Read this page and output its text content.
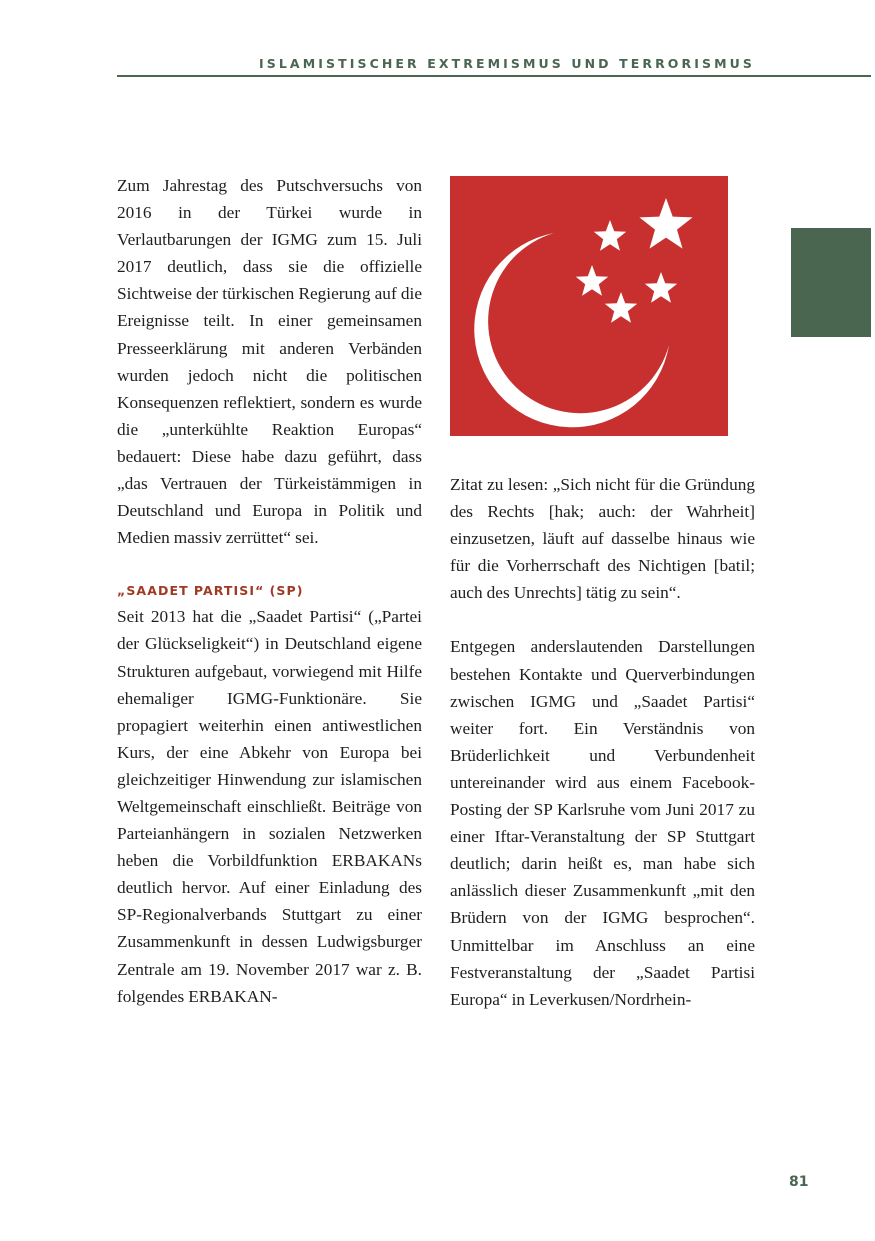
ISLAMISTISCHER EXTREMISMUS UND TERRORISMUS

Zum Jahrestag des Putschversuchs von 2016 in der Türkei wurde in Verlautbarungen der IGMG zum 15. Juli 2017 deutlich, dass sie die offizielle Sichtweise der türkischen Regierung auf die Ereignisse teilt. In einer gemeinsamen Presseerklärung mit anderen Verbänden wurden jedoch nicht die politischen Konsequenzen reflektiert, sondern es wurde die „unterkühlte Reaktion Europas“ bedauert: Diese habe dazu geführt, dass „das Vertrauen der Türkeistämmigen in Deutschland und Europa in Politik und Medien massiv zerrüttet“ sei.

„SAADET PARTISI“ (SP)

Seit 2013 hat die „Saadet Partisi“ („Partei der Glückseligkeit“) in Deutschland eigene Strukturen aufgebaut, vorwiegend mit Hilfe ehemaliger IGMG-Funktionäre. Sie propagiert weiterhin einen antiwestlichen Kurs, der eine Abkehr von Europa bei gleichzeitiger Hinwendung zur islamischen Weltgemeinschaft einschließt. Beiträge von Parteianhängern in sozialen Netzwerken heben die Vorbildfunktion ERBAKANs deutlich hervor. Auf einer Einladung des SP-Regionalverbands Stuttgart zu einer Zusammenkunft in dessen Ludwigsburger Zentrale am 19. November 2017 war z. B. folgendes ERBAKAN-

Zitat zu lesen: „Sich nicht für die Gründung des Rechts [hak; auch: der Wahrheit] einzusetzen, läuft auf dasselbe hinaus wie für die Vorherrschaft des Nichtigen [batil; auch des Unrechts] tätig zu sein“.

Entgegen anderslautenden Darstellungen bestehen Kontakte und Querverbindungen zwischen IGMG und „Saadet Partisi“ weiter fort. Ein Verständnis von Brüderlichkeit und Verbundenheit untereinander wird aus einem Facebook-Posting der SP Karlsruhe vom Juni 2017 zu einer Iftar-Veranstaltung der SP Stuttgart deutlich; darin heißt es, man habe sich anlässlich dieser Zusammenkunft „mit den Brüdern von der IGMG besprochen“. Unmittelbar im Anschluss an eine Festveranstaltung der „Saadet Partisi Europa“ in Leverkusen/Nordrhein-

81
